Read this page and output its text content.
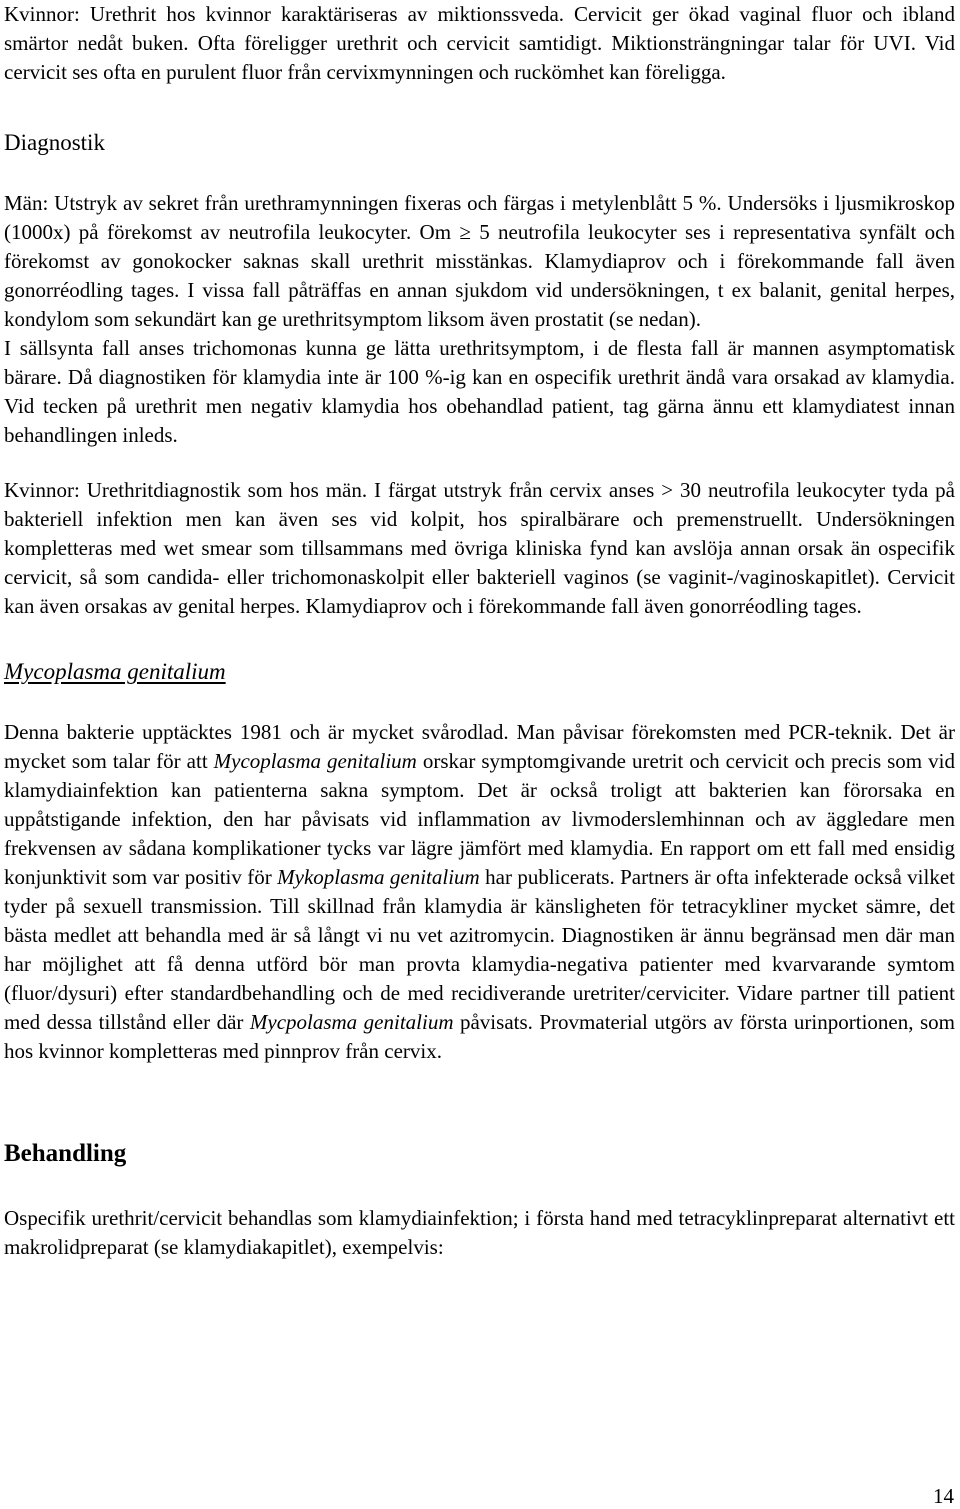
Kvinnor: Urethrit hos kvinnor karaktäriseras av miktionssveda. Cervicit ger ökad vaginal fluor och ibland smärtor nedåt buken. Ofta föreligger urethrit och cervicit samtidigt. Miktionsträngningar talar för UVI. Vid cervicit ses ofta en purulent fluor från cervixmynningen och ruckömhet kan föreligga.

Diagnostik

Män: Utstryk av sekret från urethramynningen fixeras och färgas i metylenblått 5 %. Undersöks i ljusmikroskop (1000x) på förekomst av neutrofila leukocyter. Om ≥ 5 neutrofila leukocyter ses i representativa synfält och förekomst av gonokocker saknas skall urethrit misstänkas. Klamydiaprov och i förekommande fall även gonorréodling tages. I vissa fall påträffas en annan sjukdom vid undersökningen, t ex balanit, genital herpes, kondylom som sekundärt kan ge urethritsymptom liksom även prostatit (se nedan).

I sällsynta fall anses trichomonas kunna ge lätta urethritsymptom, i de flesta fall är mannen asymptomatisk bärare. Då diagnostiken för klamydia inte är 100 %-ig kan en ospecifik urethrit ändå vara orsakad av klamydia. Vid tecken på urethrit men negativ klamydia hos obehandlad patient, tag gärna ännu ett klamydiatest innan behandlingen inleds.

Kvinnor: Urethritdiagnostik som hos män. I färgat utstryk från cervix anses > 30 neutrofila leukocyter tyda på bakteriell infektion men kan även ses vid kolpit, hos spiralbärare och premenstruellt. Undersökningen kompletteras med wet smear som tillsammans med övriga kliniska fynd kan avslöja annan orsak än ospecifik cervicit, så som candida- eller trichomonaskolpit eller bakteriell vaginos (se vaginit-/vaginoskapitlet). Cervicit kan även orsakas av genital herpes. Klamydiaprov och i förekommande fall även gonorréodling tages.

Mycoplasma genitalium

Denna bakterie upptäcktes 1981 och är mycket svårodlad. Man påvisar förekomsten med PCR-teknik. Det är mycket som talar för att Mycoplasma genitalium orskar symptomgivande uretrit och cervicit och precis som vid klamydiainfektion kan patienterna sakna symptom. Det är också troligt att bakterien kan förorsaka en uppåtstigande infektion, den har påvisats vid inflammation av livmoderslemhinnan och av äggledare men frekvensen av sådana komplikationer tycks var lägre jämfört med klamydia. En rapport om ett fall med ensidig konjunktivit som var positiv för Mykoplasma genitalium har publicerats. Partners är ofta infekterade också vilket tyder på sexuell transmission. Till skillnad från klamydia är känsligheten för tetracykliner mycket sämre, det bästa medlet att behandla med är så långt vi nu vet azitromycin. Diagnostiken är ännu begränsad men där man har möjlighet att få denna utförd bör man provta klamydia-negativa patienter med kvarvarande symtom (fluor/dysuri) efter standardbehandling och de med recidiverande uretriter/cerviciter. Vidare partner till patient med dessa tillstånd eller där Mycpolasma genitalium påvisats. Provmaterial utgörs av första urinportionen, som hos kvinnor kompletteras med pinnprov från cervix.

Behandling

Ospecifik urethrit/cervicit behandlas som klamydiainfektion; i första hand med tetracyklinpreparat alternativt ett makrolidpreparat (se klamydiakapitlet), exempelvis:

14
